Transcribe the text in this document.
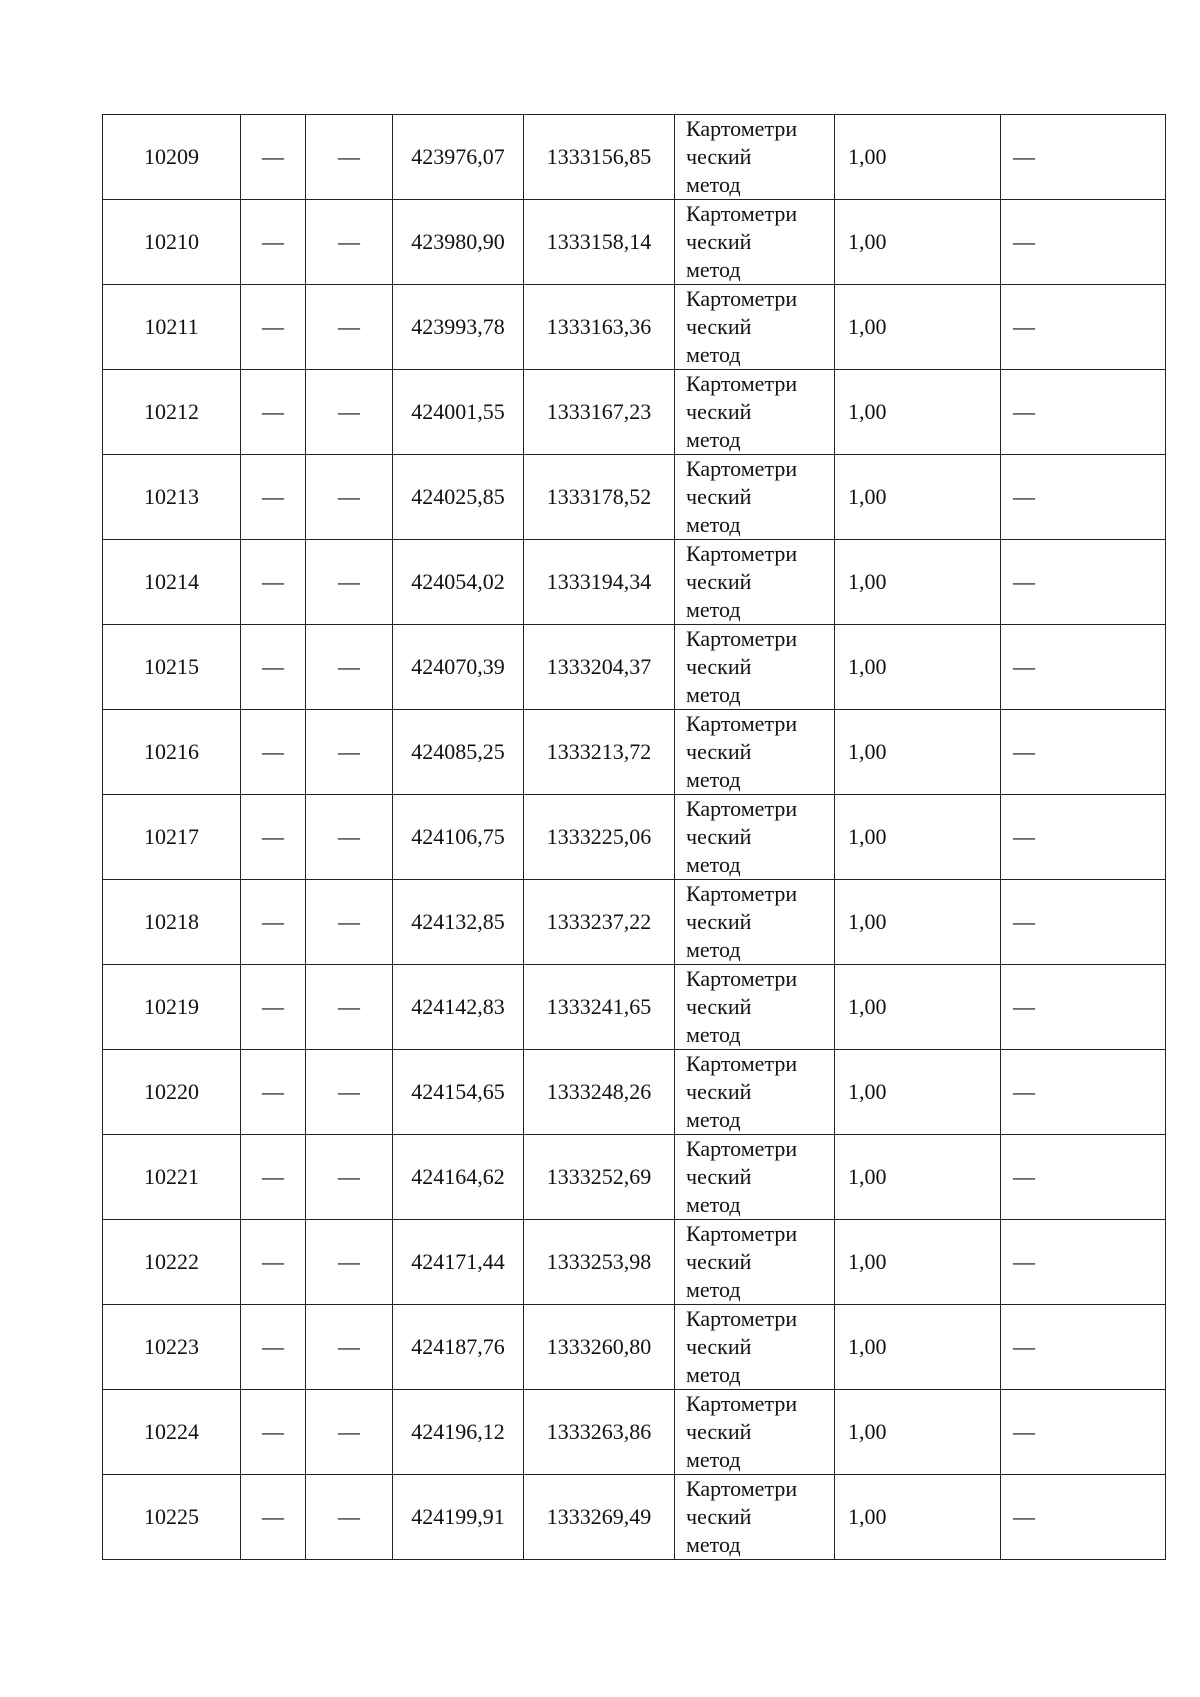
10209	—	—	423976,07	1333156,85	Картометри
ческий
метод	1,00	—
10210	—	—	423980,90	1333158,14	Картометри
ческий
метод	1,00	—
10211	—	—	423993,78	1333163,36	Картометри
ческий
метод	1,00	—
10212	—	—	424001,55	1333167,23	Картометри
ческий
метод	1,00	—
10213	—	—	424025,85	1333178,52	Картометри
ческий
метод	1,00	—
10214	—	—	424054,02	1333194,34	Картометри
ческий
метод	1,00	—
10215	—	—	424070,39	1333204,37	Картометри
ческий
метод	1,00	—
10216	—	—	424085,25	1333213,72	Картометри
ческий
метод	1,00	—
10217	—	—	424106,75	1333225,06	Картометри
ческий
метод	1,00	—
10218	—	—	424132,85	1333237,22	Картометри
ческий
метод	1,00	—
10219	—	—	424142,83	1333241,65	Картометри
ческий
метод	1,00	—
10220	—	—	424154,65	1333248,26	Картометри
ческий
метод	1,00	—
10221	—	—	424164,62	1333252,69	Картометри
ческий
метод	1,00	—
10222	—	—	424171,44	1333253,98	Картометри
ческий
метод	1,00	—
10223	—	—	424187,76	1333260,80	Картометри
ческий
метод	1,00	—
10224	—	—	424196,12	1333263,86	Картометри
ческий
метод	1,00	—
10225	—	—	424199,91	1333269,49	Картометри
ческий
метод	1,00	—
